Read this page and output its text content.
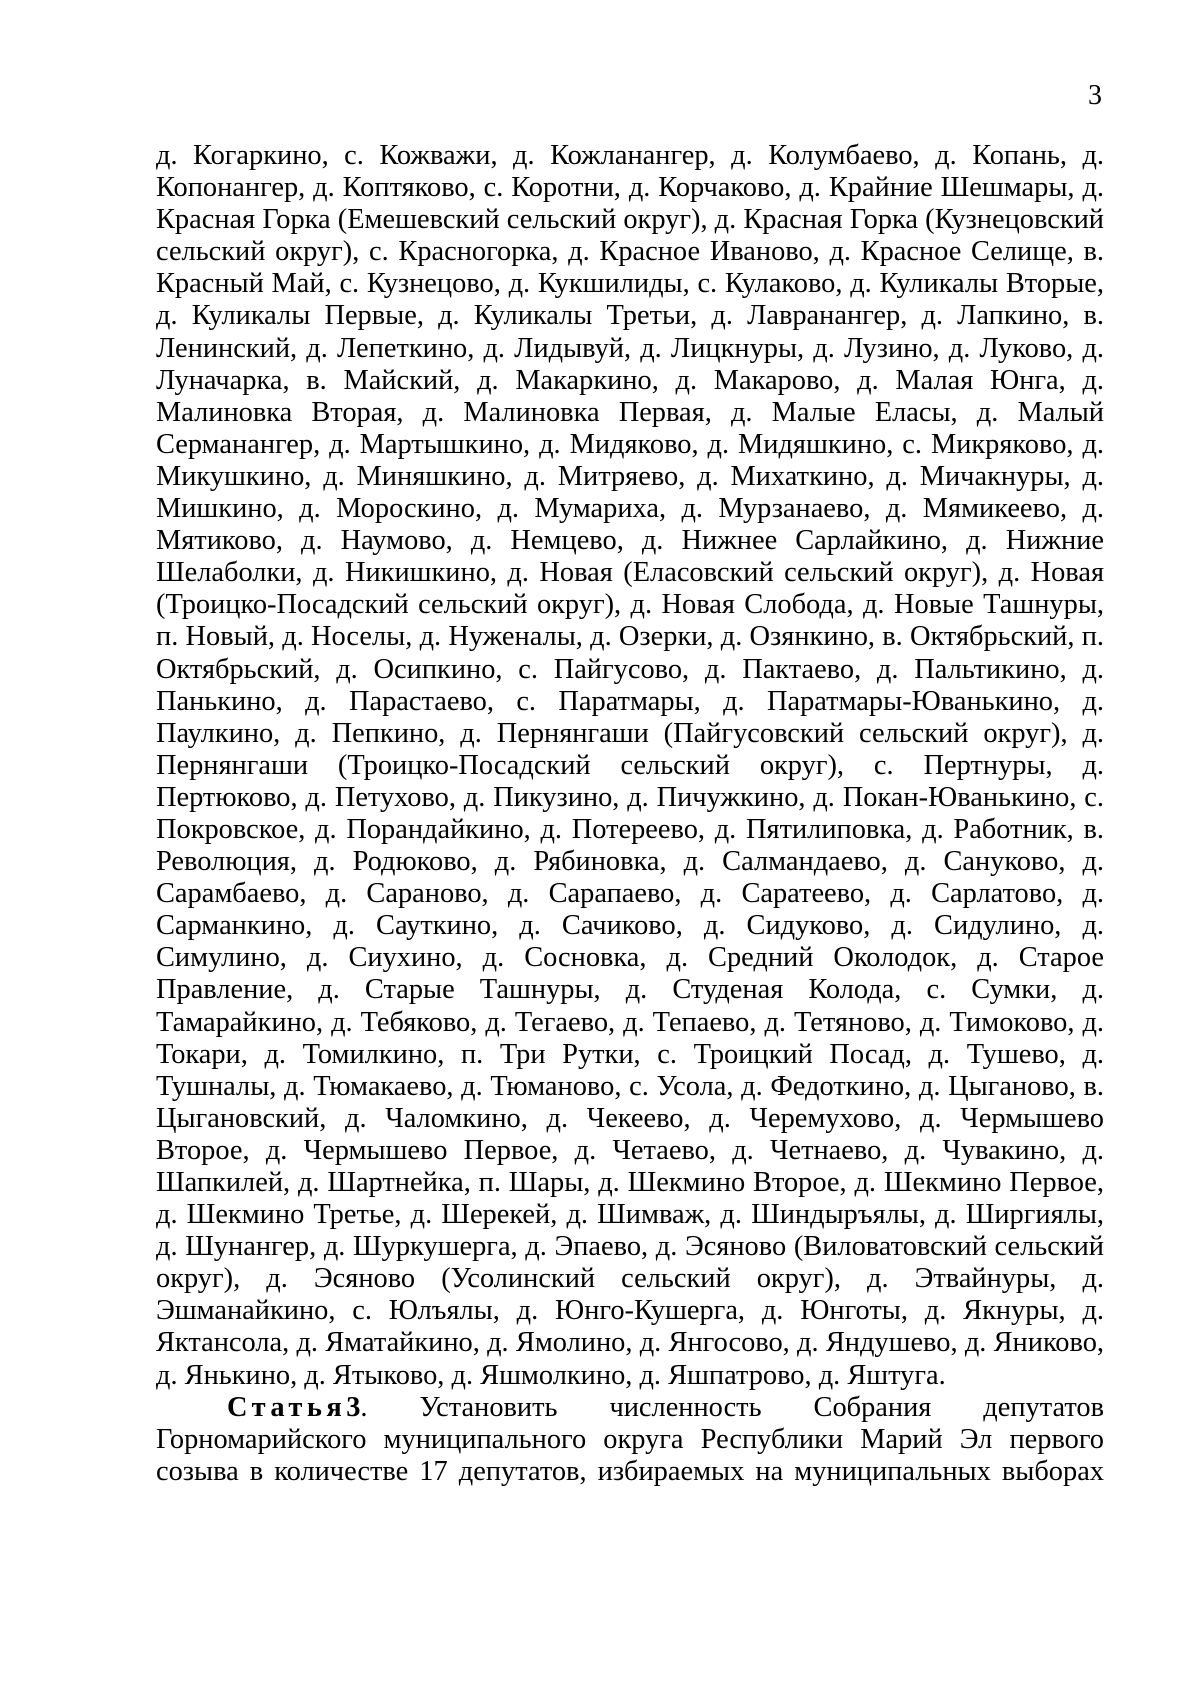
3

д. Когаркино, с. Кожважи, д. Кожланангер, д. Колумбаево, д. Копань, д. Копонангер, д. Коптяково, с. Коротни, д. Корчаково, д. Крайние Шешмары, д. Красная Горка (Емешевский сельский округ), д. Красная Горка (Кузнецовский сельский округ), с. Красногорка, д. Красное Иваново, д. Красное Селище, в. Красный Май, с. Кузнецово, д. Кукшилиды, с. Кулаково, д. Куликалы Вторые, д. Куликалы Первые, д. Куликалы Третьи, д. Лавранангер, д. Лапкино, в. Ленинский, д. Лепеткино, д. Лидывуй, д. Лицкнуры, д. Лузино, д. Луково, д. Луначарка, в. Майский, д. Макаркино, д. Макарово, д. Малая Юнга, д. Малиновка Вторая, д. Малиновка Первая, д. Малые Еласы, д. Малый Серманангер, д. Мартышкино, д. Мидяково, д. Мидяшкино, с. Микряково, д. Микушкино, д. Миняшкино, д. Митряево, д. Михаткино, д. Мичакнуры, д. Мишкино, д. Мороскино, д. Мумариха, д. Мурзанаево, д. Мямикеево, д. Мятиково, д. Наумово, д. Немцево, д. Нижнее Сарлайкино, д. Нижние Шелаболки, д. Никишкино, д. Новая (Еласовский сельский округ), д. Новая (Троицко-Посадский сельский округ), д. Новая Слобода, д. Новые Ташнуры, п. Новый, д. Носелы, д. Нуженалы, д. Озерки, д. Озянкино, в. Октябрьский, п. Октябрьский, д. Осипкино, с. Пайгусово, д. Пактаево, д. Пальтикино, д. Панькино, д. Парастаево, с. Паратмары, д. Паратмары-Юванькино, д. Паулкино, д. Пепкино, д. Пернянгаши (Пайгусовский сельский округ), д. Пернянгаши (Троицко-Посадский сельский округ), с. Пертнуры, д. Пертюково, д. Петухово, д. Пикузино, д. Пичужкино, д. Покан-Юванькино, с. Покровское, д. Порандайкино, д. Потереево, д. Пятилиповка, д. Работник, в. Революция, д. Родюково, д. Рябиновка, д. Салмандаево, д. Сануково, д. Сарамбаево, д. Сараново, д. Сарапаево, д. Саратеево, д. Сарлатово, д. Сарманкино, д. Сауткино, д. Сачиково, д. Сидуково, д. Сидулино, д. Симулино, д. Сиухино, д. Сосновка, д. Средний Околодок, д. Старое Правление, д. Старые Ташнуры, д. Студеная Колода, с. Сумки, д. Тамарайкино, д. Тебяково, д. Тегаево, д. Тепаево, д. Тетяново, д. Тимоково, д. Токари, д. Томилкино, п. Три Рутки, с. Троицкий Посад, д. Тушево, д. Тушналы, д. Тюмакаево, д. Тюманово, с. Усола, д. Федоткино, д. Цыганово, в. Цыгановский, д. Чаломкино, д. Чекеево, д. Черемухово, д. Чермышево Второе, д. Чермышево Первое, д. Четаево, д. Четнаево, д. Чувакино, д. Шапкилей, д. Шартнейка, п. Шары, д. Шекмино Второе, д. Шекмино Первое, д. Шекмино Третье, д. Шерекей, д. Шимваж, д. Шиндыръялы, д. Ширгиялы, д. Шунангер, д. Шуркушерга, д. Эпаево, д. Эсяново (Виловатовский сельский округ), д. Эсяново (Усолинский сельский округ), д. Этвайнуры, д. Эшманайкино, с. Юлъялы, д. Юнго-Кушерга, д. Юнготы, д. Якнуры, д. Яктансола, д. Яматайкино, д. Ямолино, д. Янгосово, д. Яндушево, д. Яниково, д. Янькино, д. Ятыково, д. Яшмолкино, д. Яшпатрово, д. Яштуга.

Статья3. Установить численность Собрания депутатов Горномарийского муниципального округа Республики Марий Эл первого созыва в количестве 17 депутатов, избираемых на муниципальных выборах
